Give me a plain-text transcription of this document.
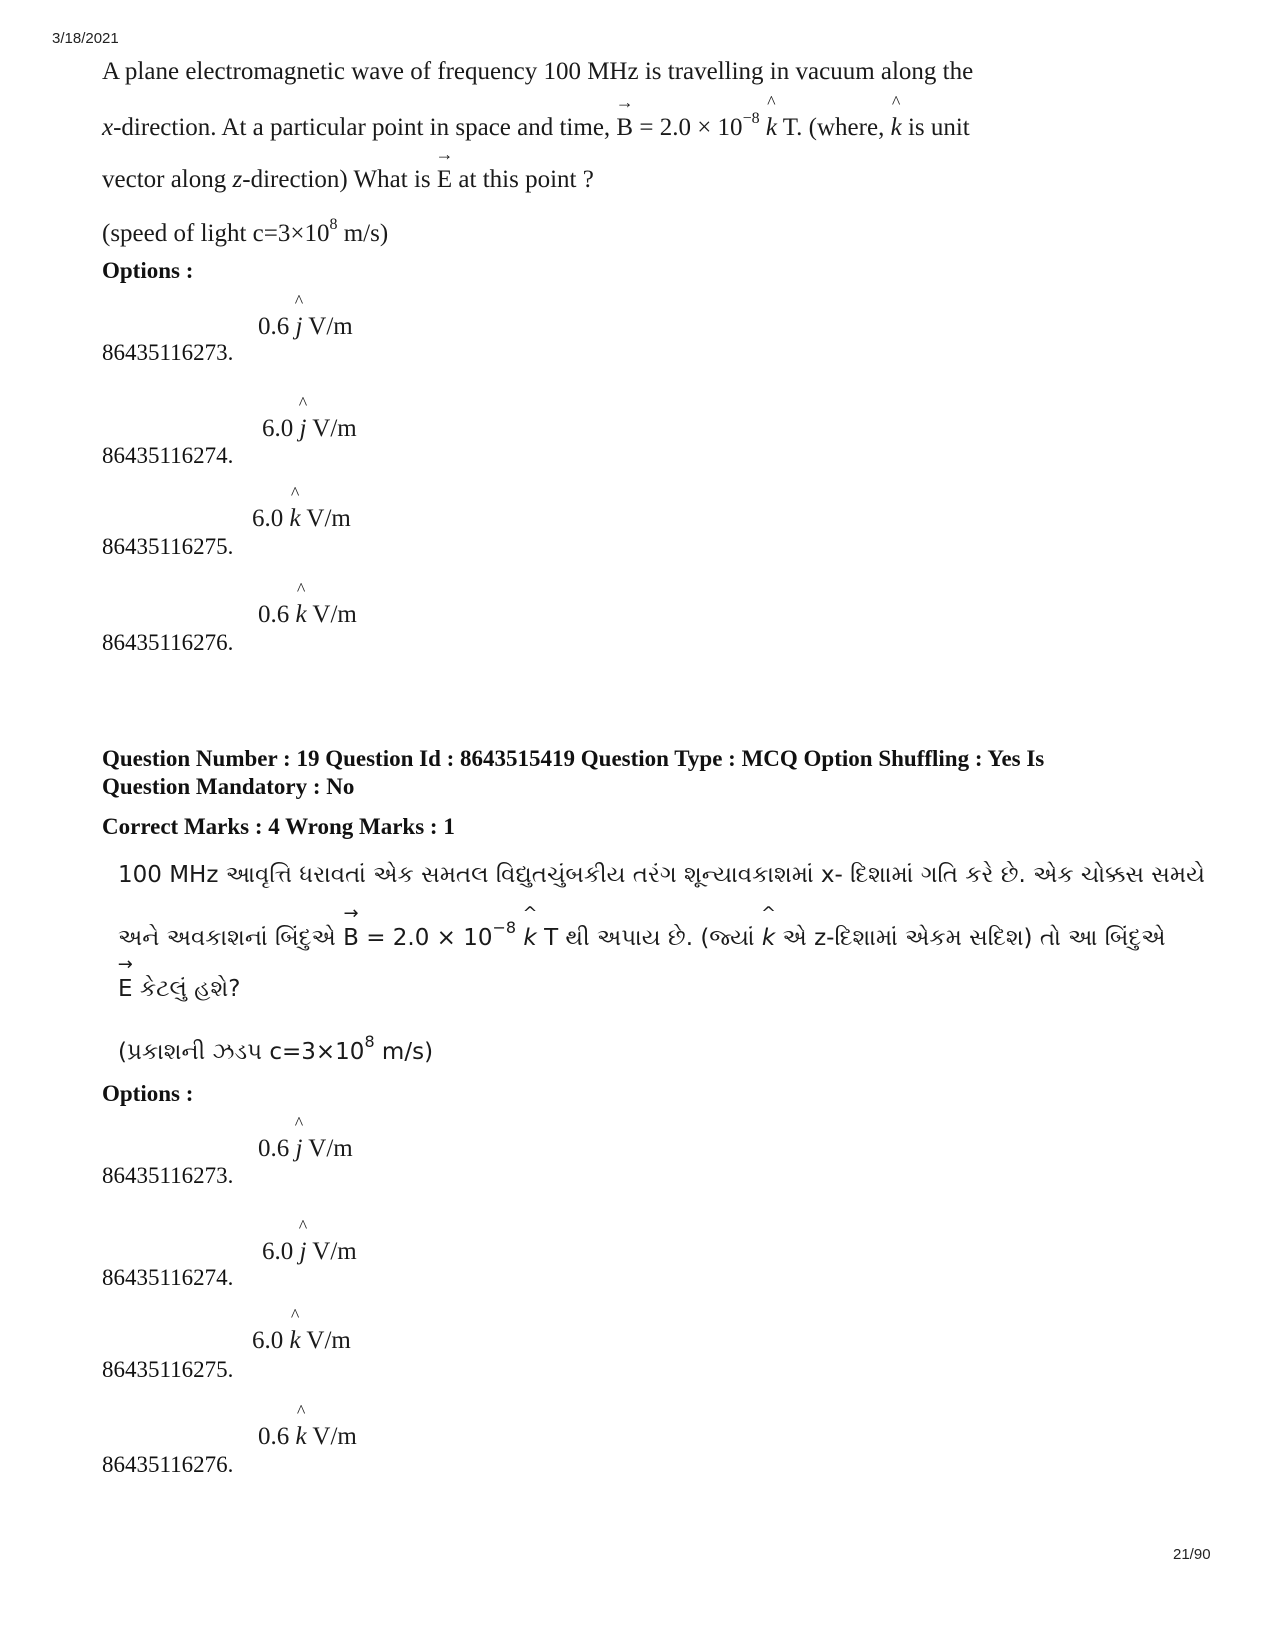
3/18/2021
A plane electromagnetic wave of frequency 100 MHz is travelling in vacuum along the
x-direction. At a particular point in space and time, → $B = 2.0 \times 10^{-8}$ ^ k T. (where, ^ k is unit
vector along z-direction) What is → E at this point ?
(speed of light $c=3\times 10^8$ m/s)
Options :
0.6 ^ j V/m
86435116273.
6.0 ^ j V/m
86435116274.
6.0 ^ k V/m
86435116275.
0.6 ^ k V/m
86435116276.
Question Number : 19 Question Id : 8643515419 Question Type : MCQ Option Shuffling : Yes Is
Question Mandatory : No
Correct Marks : 4 Wrong Marks : 1
100 MHz આવૃત્તિ ધરાવતાં એક સમતલ વિદ્યુતચુંબકીય તરંગ શૂન્યાવકાશમાં x- દિશામાં ગતિ કરે છે. એક ચોક્કસ સમયે
અને અવકાશનાં બિંદુએ → $B = 2.0 \times 10^{-8}$ ^ k T થી અપાય છે. (જ્યાં ^ k એ z-દિશામાં એકમ સદિશ) તો આ બિંદુએ
→ E કેટલું હશે?
(પ્રકાશની ઝડપ $c=3\times 10^8$ m/s)
Options :
0.6 ^ j V/m
86435116273.
6.0 ^ j V/m
86435116274.
6.0 ^ k V/m
86435116275.
0.6 ^ k V/m
86435116276.
21/90
